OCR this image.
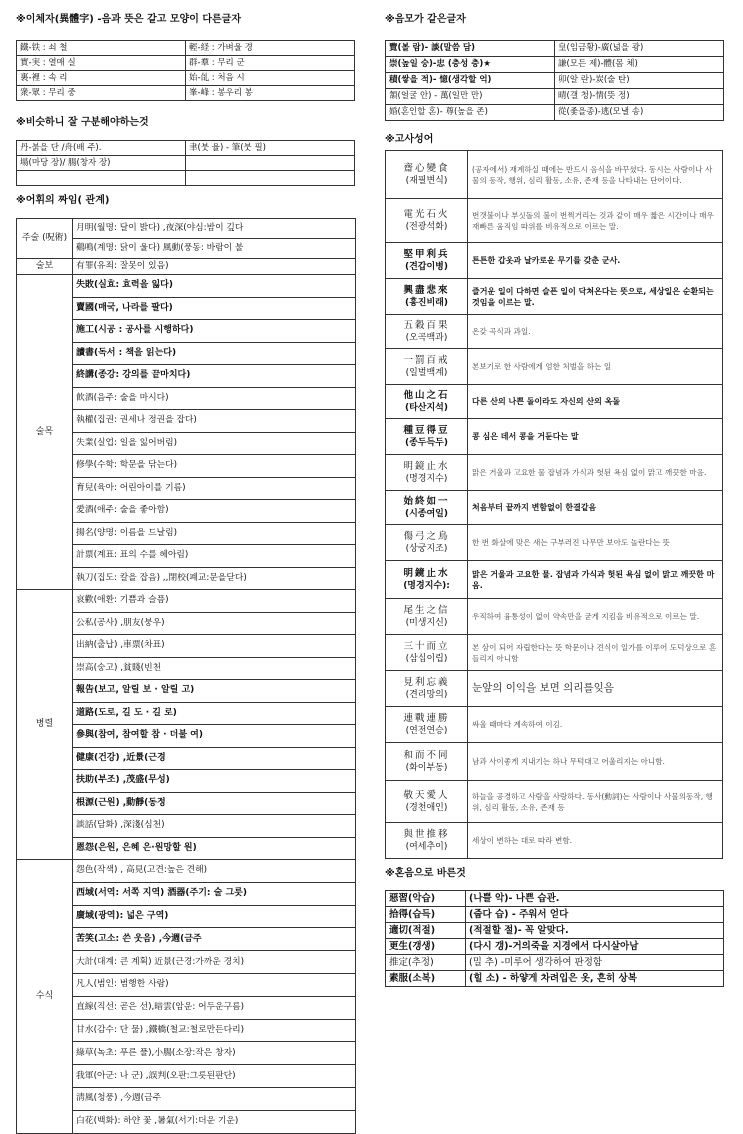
※이체자(異體字) -음과 뜻은 같고 모양이 다른글자
鐵-铁 : 쇠 철	輕-経 : 가벼울 경
實-実 : 열매 실	群-羣 : 무리 군
裏-裡 : 속 리	始-乨 : 처음 시
衆-眾 : 무리 중	峯-峰 : 봉우리 봉
※비슷하니 잘 구분해야하는것
丹-붉을 단 /舟(배 주).	聿(붓 율) - 筆(붓 필)
場(마당 장)/ 腸(창자 장)	

※어휘의 짜임( 관계)
주술 (呪術)	月明(월명: 달이 밝다) ,夜深(야심:밤이 깊다
	鷄鳴(계명: 닭이 울다) 風動(풍동: 바람이 불
술보	有罪(유죄: 잘못이 있음)
술목	失敗(실효: 효력을 잃다)
	賣國(매국, 나라를 팔다)
	施工(시공 : 공사를 시행하다)
	讀書(독서 : 책을 읽는다)
	終講(종강: 강의를 끝마치다)
	飮酒(음주: 술을 마시다)
	執權(집권: 권세나 정권을 잡다)
	失業(실업: 일을 잃어버림)
	修學(수학: 학문을 닦는다)
	育兒(육아: 어린아이를 기름)
	愛酒(애주: 술을 좋아함)
	揚名(양명: 이름을 드날림)
	計票(계표: 표의 수를 헤아림)
	執刀(집도: 칼을 잡음) ,,閉校(폐교:문을닫다)
병렬	哀歡(애환: 기쁨과 슬픔)
	公私(공사) ,朋友(붕우)
	出納(출납) ,車票(차표)
	崇高(숭고) ,貧賤(빈천
	報告(보고, 알릴 보 · 알릴 고)
	道路(도로, 길 도 · 길 로)
	參與(참여, 참여할 참 · 더불 여)
	健康(건강) ,近景(근경
	扶助(부조) ,茂盛(무성)
	根源(근원) ,動靜(동정
	談話(담화) ,深淺(심천)
	恩怨(은원, 은혜 은·원망할 원)
수식	怨色(작색) , 高見(고견:높은 견해)
	西域(서역: 서쪽 지역) 酒器(주기: 술 그릇)
	廣域(광역): 넓은 구역)
	苦笑(고소: 쓴 웃음) ,今週(금주
	大計(대계: 큰 계획) 近景(근경:가까운 경치)
	凡人(범인: 범행한 사람)
	直線(직선: 곧은 선),暗雲(암운: 어두운구름)
	甘水(감수: 단 물) ,鐵橋(철교:철로만든다리)
	綠草(녹초: 푸른 풀),小腸(소장:작은 창자)
	我軍(아군: 나 군) ,誤判(오판:그릇된판단)
	淸風(청풍) ,今週(금주
	白花(백화): 하얀 꽃 ,暑氣(서기:더운 기운)
※음모가 같은글자
覽(볼 람)- 談(말씀 담)	皇(임금황)-廣(넓을 광)
崇(높일 숭)-忠 (충성 충)★	謙(모든 제)-體(몸 체)
積(쌓을 적)- 憶(생각할 억)	卯(알 란)-炭(술 탄)
頷(얼굴 안) - 萬(일만 만)	晴(갤 청)-情(뜻 정)
婚(혼인할 혼)- 尊(높을 존)	從(좇을종)-逃(모낼 송)
※고사성어
齋心變食
(재필변식)	(공자에서) 재계하실 때에는 반드시 음식을 바꾸셨다. 동시는 사람이나 사물의 동작, 행위, 심리 활동, 소유, 존재 등을 나타내는 단어이다.

電光石火
(전광석화)	번갯불이나 부싯돌의 불이 번쩍거리는 것과 같이 매우 짧은 시간이나 매우 재빠른 움직임 따위를 비유적으로 이르는 말.

堅甲利兵
(견갑이병)	튼튼한 갑옷과 날카로운 무기를 갖춘 군사.

興盡悲來
(흥진비래)	즐거운 일이 다하면 슬픈 일이 닥쳐온다는 뜻으로, 세상일은 순환되는 것임을 이르는 말.

五穀百果
(오곡백과)	온갖 곡식과 과일.

一罰百戒
(일벌백계)	본보기로 한 사람에게 엄한 처벌을 하는 일

他山之石
(타산지석)	다른 산의 나쁜 돌이라도 자신의 산의 옥돌

種豆得豆
(종두득두)	콩 심은 데서 콩을 거둔다는 말

明鏡止水
(명경지수)	맑은 거울과 고요한 물 잡념과 가식과 헛된 욕심 없이 맑고 깨끗한 마음.

始終如一
(시종여일)	처음부터 끝까지 변함없이 한결같음

傷弓之鳥
(상궁지조)	한 번 화살에 맞은 새는 구부러진 나무만 보아도 놀란다는 뜻

明鏡止水
(명경지수):	맑은 거울과 고요한 물. 잡념과 가식과 헛된 욕심 없이 맑고 깨끗한 마음.

尾生之信
(미생지신)	우직하여 융통성이 없이 약속만을 굳게 지킴을 비유적으로 이르는 말.

三十而立
(삼십이립)	본 삼이 되어 자립한다는 뜻 학문이나 견식이 일가를 이루어 도덕상으로 흔들리지 아니함

見利忘義
(견리망의)	눈앞의 이익을 보면 의리를잊음

連戰連勝
(연전연승)	싸울 때마다 계속하여 이김.

和而不同
(화이부동)	남과 사이좋게 지내기는 하나 무턱대고 어울리지는 아니함.

敬天愛人
(경천애인)	하늘을 공경하고 사람을 사랑하다. 동사(動詞)는 사람이나 사물의동작, 행위, 심리 활동, 소유, 존재 등

與世推移
(여세추이)	세상이 변하는 대로 따라 변함.
※혼음으로 바른것
惡習(악습)	(나쁠 악)- 나쁜 습관.
拾得(습득)	(줍다 습) - 주워서 얻다
適切(적절)	(적절할 절)- 꼭 알맞다.
更生(갱생)	(다시 갱)-거의죽을 지경에서 다시살아남
推定(추정)	(밀 추) -미루어 생각하여 판정함
素服(소복)	(힐 소) - 하얗게 차려입은 옷, 흔히 상복
